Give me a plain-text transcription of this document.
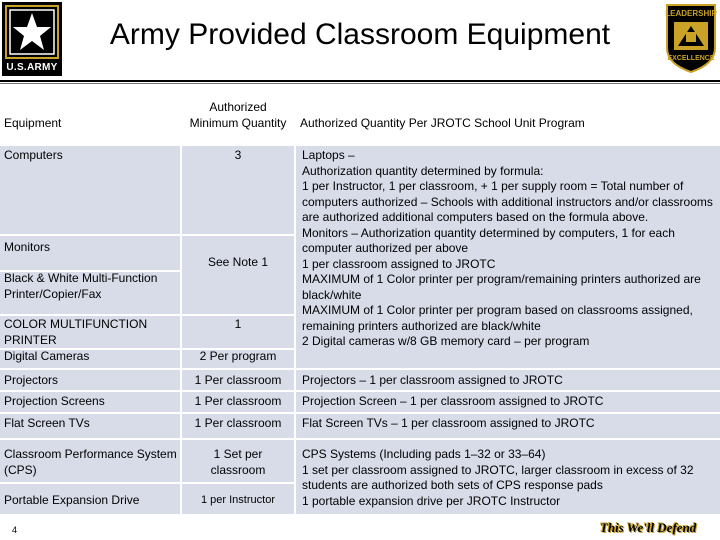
U.S.ARMY
Army Provided Classroom Equipment
LEADERSHIP
EXCELLENCE
Equipment
Authorized Minimum Quantity Authorized Quantity Per JROTC School Unit Program
Computers
Monitors
Black & White Multi-Function Printer/Copier/Fax
COLOR MULTIFUNCTION PRINTER
Digital Cameras
Projectors
Projection Screens
Flat Screen TVs
Classroom Performance System (CPS)
Portable Expansion Drive
3
See Note 1
1
2 Per program
1 Per classroom
1 Per classroom
1 Per classroom
1 Set per classroom
1 per Instructor
Laptops –
Authorization quantity determined by formula:
1 per Instructor, 1 per classroom, + 1 per supply room = Total number of computers authorized – Schools with additional instructors and/or classrooms are authorized additional computers based on the formula above.
Monitors – Authorization quantity determined by computers, 1 for each computer authorized per above
1 per classroom assigned to JROTC
MAXIMUM of 1 Color printer per program/remaining printers authorized are black/white
MAXIMUM of 1 Color printer per program based on classrooms assigned, remaining printers authorized are black/white
2 Digital cameras w/8 GB memory card – per program
Projectors – 1 per classroom assigned to JROTC
Projection Screen – 1 per classroom assigned to JROTC
Flat Screen TVs – 1 per classroom assigned to JROTC
CPS Systems (Including pads 1–32 or 33–64)
1 set per classroom assigned to JROTC, larger classroom in excess of 32 students are authorized both sets of CPS response pads
1 portable expansion drive per JROTC Instructor
4	This We'll Defend
